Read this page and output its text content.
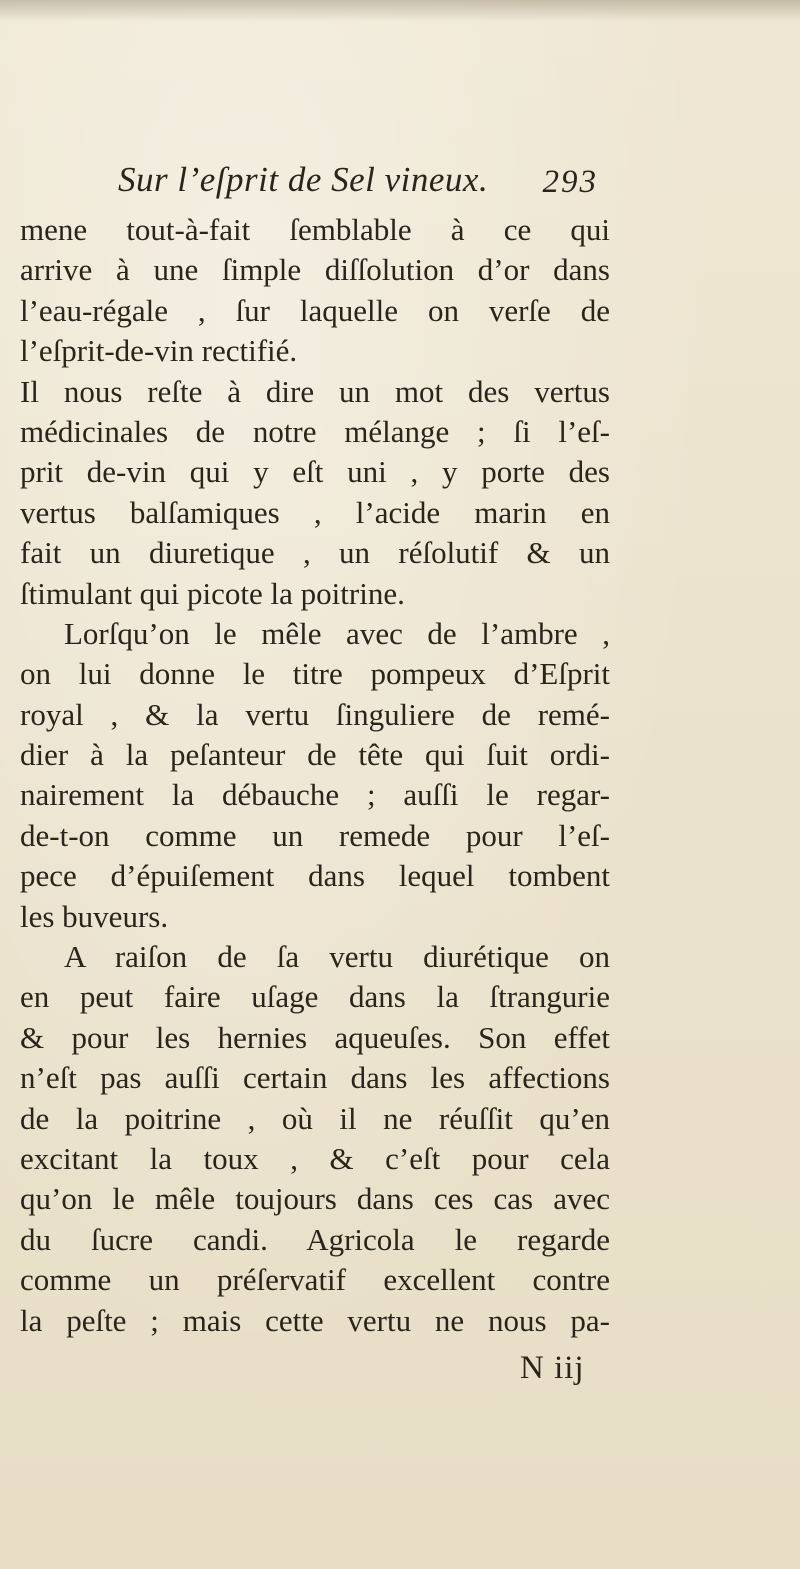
Sur l’eſprit de Sel vineux. 293
mene tout-à-fait ſemblable à ce qui
arrive à une ſimple diſſolution d’or dans
l’eau-régale , ſur laquelle on verſe de
l’eſprit-de-vin rectifié.
Il nous reſte à dire un mot des vertus
médicinales de notre mélange ; ſi l’eſ-
prit de-vin qui y eſt uni , y porte des
vertus balſamiques , l’acide marin en
fait un diuretique , un réſolutif & un
ſtimulant qui picote la poitrine.
Lorſqu’on le mêle avec de l’ambre ,
on lui donne le titre pompeux d’Eſprit
royal , & la vertu ſinguliere de remé-
dier à la peſanteur de tête qui ſuit ordi-
nairement la débauche ; auſſi le regar-
de-t-on comme un remede pour l’eſ-
pece d’épuiſement dans lequel tombent
les buveurs.
A raiſon de ſa vertu diurétique on
en peut faire uſage dans la ſtrangurie
& pour les hernies aqueuſes. Son effet
n’eſt pas auſſi certain dans les affections
de la poitrine , où il ne réuſſit qu’en
excitant la toux , & c’eſt pour cela
qu’on le mêle toujours dans ces cas avec
du ſucre candi. Agricola le regarde
comme un préſervatif excellent contre
la peſte ; mais cette vertu ne nous pa-
N iij
